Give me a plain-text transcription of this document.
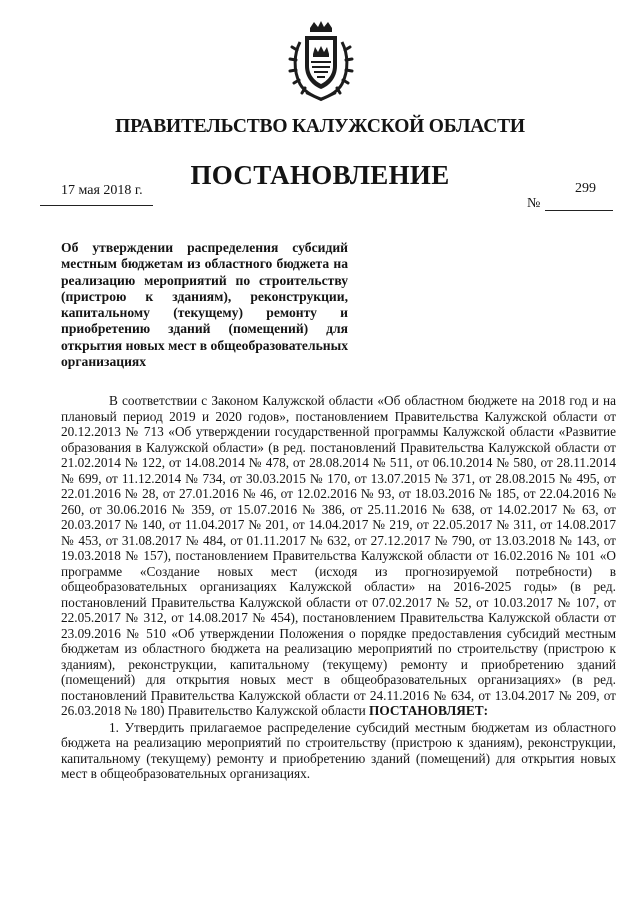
ПРАВИТЕЛЬСТВО КАЛУЖСКОЙ ОБЛАСТИ
ПОСТАНОВЛЕНИЕ
17 мая 2018 г.
№
299

Об утверждении распределения субсидий местным бюджетам из областного бюджета на реализацию мероприятий по строительству (пристрою к зданиям), реконструкции, капитальному (текущему) ремонту и приобретению зданий (помещений) для открытия новых мест в общеобразовательных организациях

В соответствии с Законом Калужской области «Об областном бюджете на 2018 год и на плановый период 2019 и 2020 годов», постановлением Правительства Калужской области от 20.12.2013 № 713 «Об утверждении государственной программы Калужской области «Развитие образования в Калужской области» (в ред. постановлений Правительства Калужской области от 21.02.2014 № 122, от 14.08.2014 № 478, от 28.08.2014 № 511, от 06.10.2014 № 580, от 28.11.2014 № 699, от 11.12.2014 № 734, от 30.03.2015 № 170, от 13.07.2015 № 371, от 28.08.2015 № 495, от 22.01.2016 № 28, от 27.01.2016 № 46, от 12.02.2016 № 93, от 18.03.2016 № 185, от 22.04.2016 № 260, от 30.06.2016 № 359, от 15.07.2016 № 386, от 25.11.2016 № 638, от 14.02.2017 № 63, от 20.03.2017 № 140, от 11.04.2017 № 201, от 14.04.2017 № 219, от 22.05.2017 № 311, от 14.08.2017 № 453, от 31.08.2017 № 484, от 01.11.2017 № 632, от 27.12.2017 № 790, от 13.03.2018 № 143, от 19.03.2018 № 157), постановлением Правительства Калужской области от 16.02.2016 № 101 «О программе «Создание новых мест (исходя из прогнозируемой потребности) в общеобразовательных организациях Калужской области» на 2016-2025 годы» (в ред. постановлений Правительства Калужской области от 07.02.2017 № 52, от 10.03.2017 № 107, от 22.05.2017 № 312, от 14.08.2017 № 454), постановлением Правительства Калужской области от 23.09.2016 № 510 «Об утверждении Положения о порядке предоставления субсидий местным бюджетам из областного бюджета на реализацию мероприятий по строительству (пристрою к зданиям), реконструкции, капитальному (текущему) ремонту и приобретению зданий (помещений) для открытия новых мест в общеобразовательных организациях» (в ред. постановлений Правительства Калужской области от 24.11.2016 № 634, от 13.04.2017 № 209, от 26.03.2018 № 180) Правительство Калужской области ПОСТАНОВЛЯЕТ:

1. Утвердить прилагаемое распределение субсидий местным бюджетам из областного бюджета на реализацию мероприятий по строительству (пристрою к зданиям), реконструкции, капитальному (текущему) ремонту и приобретению зданий (помещений) для открытия новых мест в общеобразовательных организациях.
